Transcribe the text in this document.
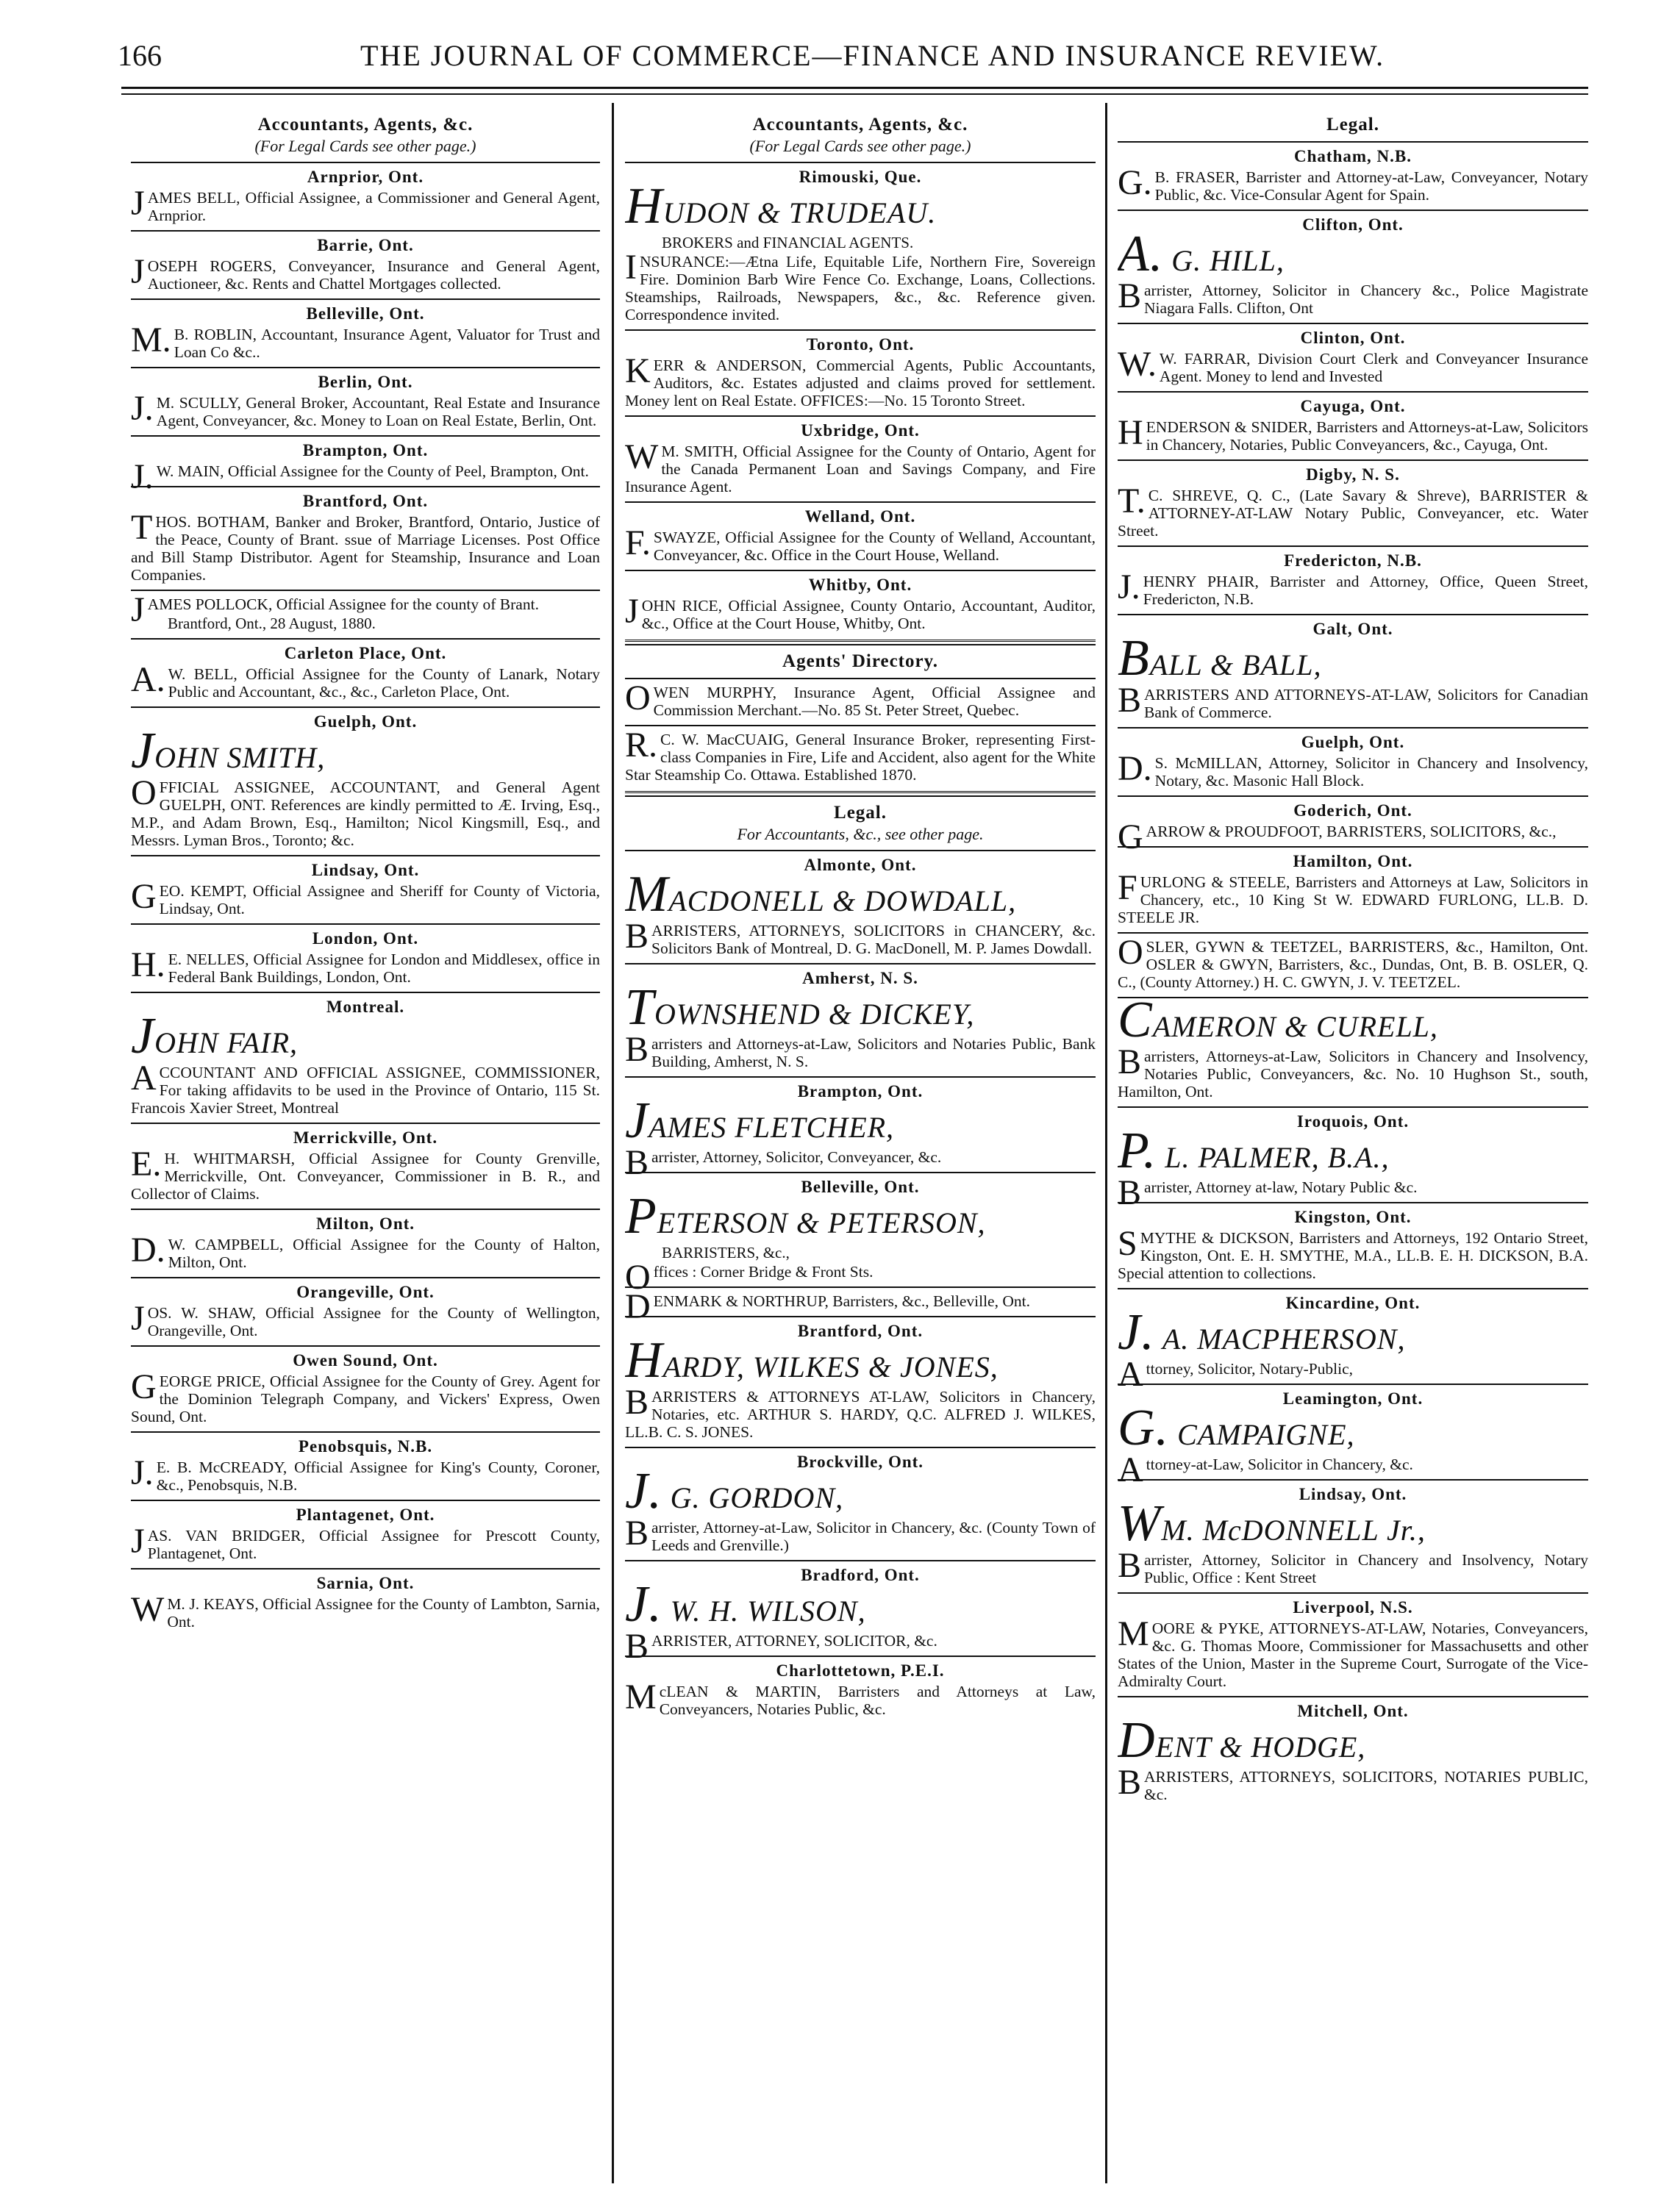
166	THE JOURNAL OF COMMERCE—FINANCE AND INSURANCE REVIEW.
Accountants, Agents, &c.
(For Legal Cards see other page.)
Arnprior, Ont.
JAMES BELL, Official Assignee, a Commissioner and General Agent, Arnprior.
Barrie, Ont.
JOSEPH ROGERS, Conveyancer, Insurance and General Agent, Auctioneer, &c. Rents and Chattel Mortgages collected.
Belleville, Ont.
M.B. ROBLIN, Accountant, Insurance Agent, Valuator for Trust and Loan Co &c..
Berlin, Ont.
J.M. SCULLY, General Broker, Accountant, Real Estate and Insurance Agent, Conveyancer, &c. Money to Loan on Real Estate, Berlin, Ont.
Brampton, Ont.
J.W. MAIN, Official Assignee for the County of Peel, Brampton, Ont.
Brantford, Ont.
THOS. BOTHAM, Banker and Broker, Brantford, Ontario, Justice of the Peace, County of Brant. ssue of Marriage Licenses. Post Office and Bill Stamp Distributor. Agent for Steamship, Insurance and Loan Companies.
JAMES POLLOCK, Official Assignee for the county of Brant.
Brantford, Ont., 28 August, 1880.
Carleton Place, Ont.
A.W. BELL, Official Assignee for the County of Lanark, Notary Public and Accountant, &c., &c., Carleton Place, Ont.
Guelph, Ont.
JOHN SMITH,
OFFICIAL ASSIGNEE, ACCOUNTANT, and General Agent GUELPH, ONT. References are kindly permitted to Æ. Irving, Esq., M.P., and Adam Brown, Esq., Hamilton; Nicol Kingsmill, Esq., and Messrs. Lyman Bros., Toronto; &c.
Lindsay, Ont.
GEO. KEMPT, Official Assignee and Sheriff for County of Victoria, Lindsay, Ont.
London, Ont.
H.E. NELLES, Official Assignee for London and Middlesex, office in Federal Bank Buildings, London, Ont.
Montreal.
JOHN FAIR,
ACCOUNTANT AND OFFICIAL ASSIGNEE, COMMISSIONER, For taking affidavits to be used in the Province of Ontario, 115 St. Francois Xavier Street, Montreal
Merrickville, Ont.
E.H. WHITMARSH, Official Assignee for County Grenville, Merrickville, Ont. Conveyancer, Commissioner in B. R., and Collector of Claims.
Milton, Ont.
D.W. CAMPBELL, Official Assignee for the County of Halton, Milton, Ont.
Orangeville, Ont.
JOS. W. SHAW, Official Assignee for the County of Wellington, Orangeville, Ont.
Owen Sound, Ont.
GEORGE PRICE, Official Assignee for the County of Grey. Agent for the Dominion Telegraph Company, and Vickers' Express, Owen Sound, Ont.
Penobsquis, N.B.
J.E. B. McCREADY, Official Assignee for King's County, Coroner, &c., Penobsquis, N.B.
Plantagenet, Ont.
JAS. VAN BRIDGER, Official Assignee for Prescott County, Plantagenet, Ont.
Sarnia, Ont.
WM. J. KEAYS, Official Assignee for the County of Lambton, Sarnia, Ont.
Accountants, Agents, &c.
(For Legal Cards see other page.)
Rimouski, Que.
HUDON & TRUDEAU.
BROKERS and FINANCIAL AGENTS.
INSURANCE:—Ætna Life, Equitable Life, Northern Fire, Sovereign Fire. Dominion Barb Wire Fence Co. Exchange, Loans, Collections. Steamships, Railroads, Newspapers, &c., &c. Reference given. Correspondence invited.
Toronto, Ont.
KERR & ANDERSON, Commercial Agents, Public Accountants, Auditors, &c. Estates adjusted and claims proved for settlement. Money lent on Real Estate. OFFICES:—No. 15 Toronto Street.
Uxbridge, Ont.
WM. SMITH, Official Assignee for the County of Ontario, Agent for the Canada Permanent Loan and Savings Company, and Fire Insurance Agent.
Welland, Ont.
F.SWAYZE, Official Assignee for the County of Welland, Accountant, Conveyancer, &c. Office in the Court House, Welland.
Whitby, Ont.
JOHN RICE, Official Assignee, County Ontario, Accountant, Auditor, &c., Office at the Court House, Whitby, Ont.
Agents' Directory.
OWEN MURPHY, Insurance Agent, Official Assignee and Commission Merchant.—No. 85 St. Peter Street, Quebec.
R.C. W. MacCUAIG, General Insurance Broker, representing First-class Companies in Fire, Life and Accident, also agent for the White Star Steamship Co. Ottawa. Established 1870.
Legal.
For Accountants, &c., see other page.
Almonte, Ont.
MACDONELL & DOWDALL,
BARRISTERS, ATTORNEYS, SOLICITORS in CHANCERY, &c. Solicitors Bank of Montreal, D. G. MacDonell, M. P. James Dowdall.
Amherst, N. S.
TOWNSHEND & DICKEY,
Barristers and Attorneys-at-Law, Solicitors and Notaries Public, Bank Building, Amherst, N. S.
Brampton, Ont.
JAMES FLETCHER,
Barrister, Attorney, Solicitor, Conveyancer, &c.
Belleville, Ont.
PETERSON & PETERSON,
BARRISTERS, &c.,
Offices : Corner Bridge & Front Sts.
DENMARK & NORTHRUP, Barristers, &c., Belleville, Ont.
Brantford, Ont.
HARDY, WILKES & JONES,
BARRISTERS & ATTORNEYS AT-LAW, Solicitors in Chancery, Notaries, etc. ARTHUR S. HARDY, Q.C. ALFRED J. WILKES, LL.B. C. S. JONES.
Brockville, Ont.
J. G. GORDON,
Barrister, Attorney-at-Law, Solicitor in Chancery, &c. (County Town of Leeds and Grenville.)
Bradford, Ont.
J. W. H. WILSON,
BARRISTER, ATTORNEY, SOLICITOR, &c.
Charlottetown, P.E.I.
McLEAN & MARTIN, Barristers and Attorneys at Law, Conveyancers, Notaries Public, &c.
Legal.
Chatham, N.B.
G.B. FRASER, Barrister and Attorney-at-Law, Conveyancer, Notary Public, &c. Vice-Consular Agent for Spain.
Clifton, Ont.
A. G. HILL,
Barrister, Attorney, Solicitor in Chancery &c., Police Magistrate Niagara Falls. Clifton, Ont
Clinton, Ont.
W.W. FARRAR, Division Court Clerk and Conveyancer Insurance Agent. Money to lend and Invested
Cayuga, Ont.
HENDERSON & SNIDER, Barristers and Attorneys-at-Law, Solicitors in Chancery, Notaries, Public Conveyancers, &c., Cayuga, Ont.
Digby, N. S.
T.C. SHREVE, Q. C., (Late Savary & Shreve), BARRISTER & ATTORNEY-AT-LAW Notary Public, Conveyancer, etc. Water Street.
Fredericton, N.B.
J.HENRY PHAIR, Barrister and Attorney, Office, Queen Street, Fredericton, N.B.
Galt, Ont.
BALL & BALL,
BARRISTERS AND ATTORNEYS-AT-LAW, Solicitors for Canadian Bank of Commerce.
Guelph, Ont.
D.S. McMILLAN, Attorney, Solicitor in Chancery and Insolvency, Notary, &c. Masonic Hall Block.
Goderich, Ont.
GARROW & PROUDFOOT, BARRISTERS, SOLICITORS, &c.,
Hamilton, Ont.
FURLONG & STEELE, Barristers and Attorneys at Law, Solicitors in Chancery, etc., 10 King St W. EDWARD FURLONG, LL.B. D. STEELE JR.
OSLER, GYWN & TEETZEL, BARRISTERS, &c., Hamilton, Ont. OSLER & GWYN, Barristers, &c., Dundas, Ont, B. B. OSLER, Q. C., (County Attorney.) H. C. GWYN, J. V. TEETZEL.
CAMERON & CURELL,
Barristers, Attorneys-at-Law, Solicitors in Chancery and Insolvency, Notaries Public, Conveyancers, &c. No. 10 Hughson St., south, Hamilton, Ont.
Iroquois, Ont.
P. L. PALMER, B.A.,
Barrister, Attorney at-law, Notary Public &c.
Kingston, Ont.
SMYTHE & DICKSON, Barristers and Attorneys, 192 Ontario Street, Kingston, Ont. E. H. SMYTHE, M.A., LL.B. E. H. DICKSON, B.A. Special attention to collections.
Kincardine, Ont.
J. A. MACPHERSON,
Attorney, Solicitor, Notary-Public,
Leamington, Ont.
G. CAMPAIGNE,
Attorney-at-Law, Solicitor in Chancery, &c.
Lindsay, Ont.
WM. McDONNELL Jr.,
Barrister, Attorney, Solicitor in Chancery and Insolvency, Notary Public, Office : Kent Street
Liverpool, N.S.
MOORE & PYKE, ATTORNEYS-AT-LAW, Notaries, Conveyancers, &c. G. Thomas Moore, Commissioner for Massachusetts and other States of the Union, Master in the Supreme Court, Surrogate of the Vice-Admiralty Court.
Mitchell, Ont.
DENT & HODGE,
BARRISTERS, ATTORNEYS, SOLICITORS, NOTARIES PUBLIC, &c.
